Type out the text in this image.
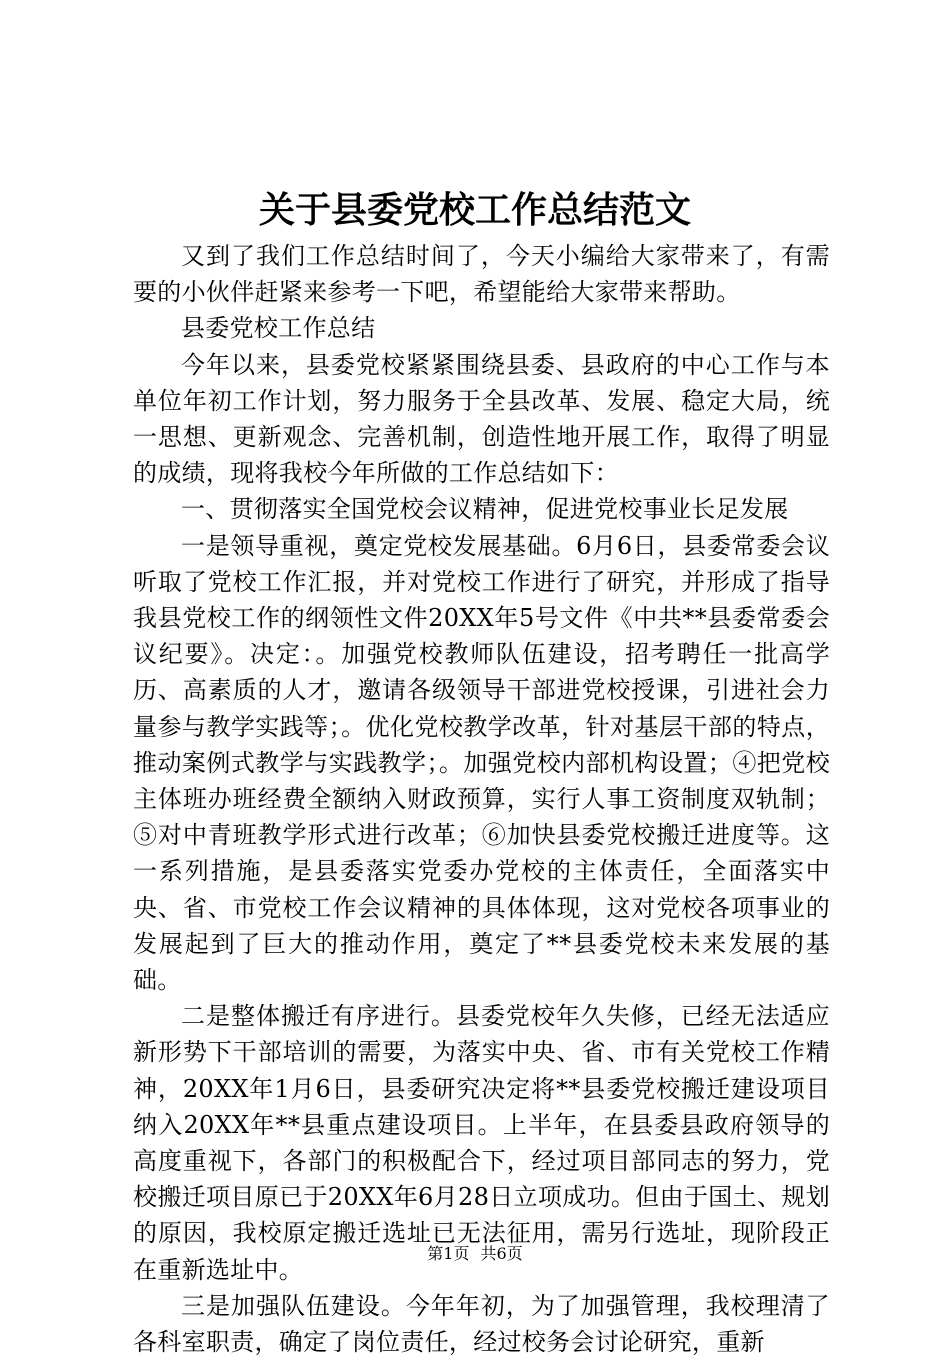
关于县委党校工作总结范文

又到了我们工作总结时间了，今天小编给大家带来了，有需要的小伙伴赶紧来参考一下吧，希望能给大家带来帮助。

县委党校工作总结

今年以来，县委党校紧紧围绕县委、县政府的中心工作与本单位年初工作计划，努力服务于全县改革、发展、稳定大局，统一思想、更新观念、完善机制，创造性地开展工作，取得了明显的成绩，现将我校今年所做的工作总结如下：

一、贯彻落实全国党校会议精神，促进党校事业长足发展

一是领导重视，奠定党校发展基础。6月6日，县委常委会议听取了党校工作汇报，并对党校工作进行了研究，并形成了指导我县党校工作的纲领性文件20XX年5号文件《中共**县委常委会议纪要》。决定：。加强党校教师队伍建设，招考聘任一批高学历、高素质的人才，邀请各级领导干部进党校授课，引进社会力量参与教学实践等；。优化党校教学改革，针对基层干部的特点，推动案例式教学与实践教学；。加强党校内部机构设置；④把党校主体班办班经费全额纳入财政预算，实行人事工资制度双轨制；⑤对中青班教学形式进行改革；⑥加快县委党校搬迁进度等。这一系列措施，是县委落实党委办党校的主体责任，全面落实中央、省、市党校工作会议精神的具体体现，这对党校各项事业的发展起到了巨大的推动作用，奠定了**县委党校未来发展的基础。

二是整体搬迁有序进行。县委党校年久失修，已经无法适应新形势下干部培训的需要，为落实中央、省、市有关党校工作精神，20XX年1月6日，县委研究决定将**县委党校搬迁建设项目纳入20XX年**县重点建设项目。上半年，在县委县政府领导的高度重视下，各部门的积极配合下，经过项目部同志的努力，党校搬迁项目原已于20XX年6月28日立项成功。但由于国土、规划的原因，我校原定搬迁选址已无法征用，需另行选址，现阶段正在重新选址中。

三是加强队伍建设。今年年初，为了加强管理，我校理清了各科室职责，确定了岗位责任，经过校务会讨论研究，重新

第1页 共6页
